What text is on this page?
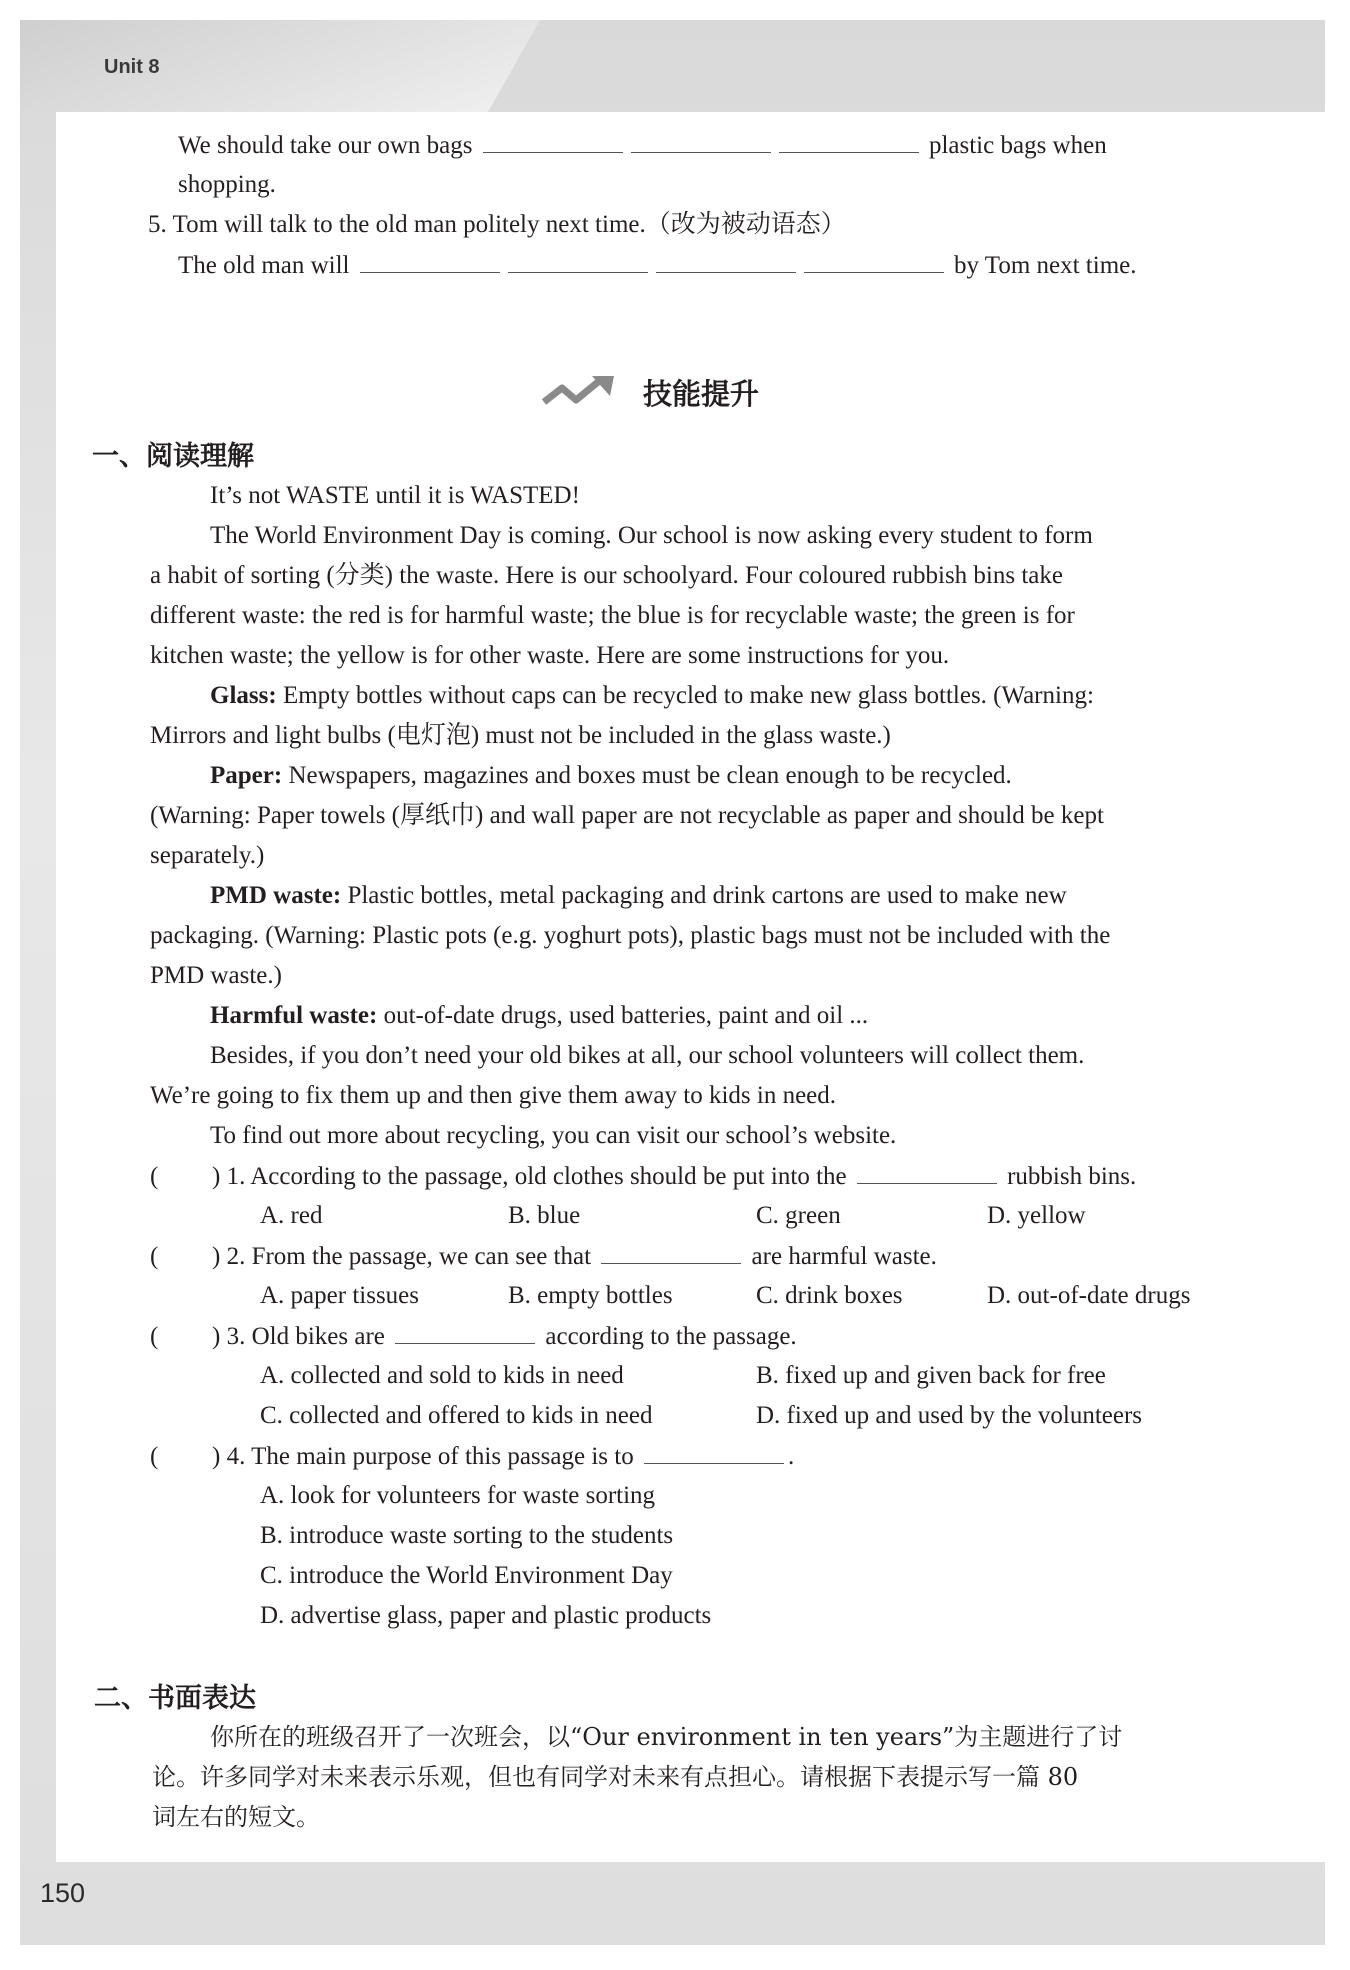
Unit 8
150
We should take our own bags	plastic bags when
shopping.
5. Tom will talk to the old man politely next time.（改为被动语态）
The old man will	by Tom next time.
技能提升
一、阅读理解
It’s not WASTE until it is WASTED!
The World Environment Day is coming. Our school is now asking every student to form
a habit of sorting (分类) the waste. Here is our schoolyard. Four coloured rubbish bins take
different waste: the red is for harmful waste; the blue is for recyclable waste; the green is for
kitchen waste; the yellow is for other waste. Here are some instructions for you.
Glass: Empty bottles without caps can be recycled to make new glass bottles. (Warning:
Mirrors and light bulbs (电灯泡) must not be included in the glass waste.)
Paper: Newspapers, magazines and boxes must be clean enough to be recycled.
(Warning: Paper towels (厚纸巾) and wall paper are not recyclable as paper and should be kept
separately.)
PMD waste: Plastic bottles, metal packaging and drink cartons are used to make new
packaging. (Warning: Plastic pots (e.g. yoghurt pots), plastic bags must not be included with the
PMD waste.)
Harmful waste: out-of-date drugs, used batteries, paint and oil ...
Besides, if you don’t need your old bikes at all, our school volunteers will collect them.
We’re going to fix them up and then give them away to kids in need.
To find out more about recycling, you can visit our school’s website.
( ) 1. According to the passage, old clothes should be put into the	rubbish bins.
A. red	B. blue	C. green	D. yellow
( ) 2. From the passage, we can see that	are harmful waste.
A. paper tissues	B. empty bottles	C. drink boxes	D. out-of-date drugs
( ) 3. Old bikes are	according to the passage.
A. collected and sold to kids in need	B. fixed up and given back for free
C. collected and offered to kids in need	D. fixed up and used by the volunteers
( ) 4. The main purpose of this passage is to	.
A. look for volunteers for waste sorting
B. introduce waste sorting to the students
C. introduce the World Environment Day
D. advertise glass, paper and plastic products
二、书面表达
你所在的班级召开了一次班会，以“Our environment in ten years”为主题进行了讨
论。许多同学对未来表示乐观，但也有同学对未来有点担心。请根据下表提示写一篇 80
词左右的短文。
